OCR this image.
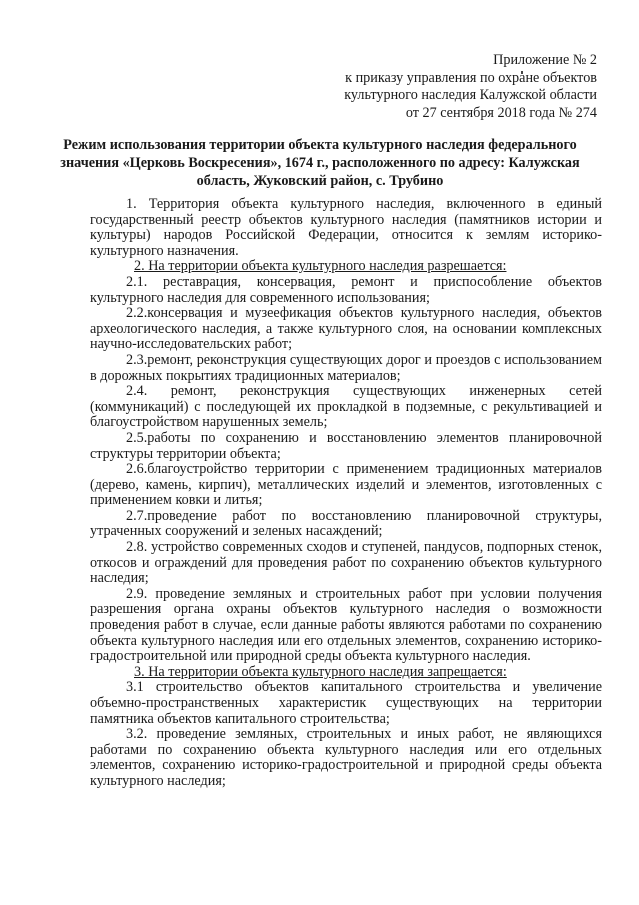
Приложение № 2
к приказу управления по охране объектов
культурного наследия Калужской области
от 27 сентября 2018 года № 274
Режим использования территории объекта культурного наследия федерального значения «Церковь Воскресения», 1674 г., расположенного по адресу: Калужская область, Жуковский район, с. Трубино

1. Территория объекта культурного наследия, включенного в единый государственный реестр объектов культурного наследия (памятников истории и культуры) народов Российской Федерации, относится к землям историко-культурного назначения.

2. На территории объекта культурного наследия разрешается:

2.1. реставрация, консервация, ремонт и приспособление объектов культурного наследия для современного использования;

2.2.консервация и музеефикация объектов культурного наследия, объектов археологического наследия, а также культурного слоя, на основании комплексных научно-исследовательских работ;

2.3.ремонт, реконструкция существующих дорог и проездов с использованием в дорожных покрытиях традиционных материалов;

2.4. ремонт, реконструкция существующих инженерных сетей (коммуникаций) с последующей их прокладкой в подземные, с рекультивацией и благоустройством нарушенных земель;

2.5.работы по сохранению и восстановлению элементов планировочной структуры территории объекта;

2.6.благоустройство территории с применением традиционных материалов (дерево, камень, кирпич), металлических изделий и элементов, изготовленных с применением ковки и литья;

2.7.проведение работ по восстановлению планировочной структуры, утраченных сооружений и зеленых насаждений;

2.8. устройство современных сходов и ступеней, пандусов, подпорных стенок, откосов и ограждений для проведения работ по сохранению объектов культурного наследия;

2.9. проведение земляных и строительных работ при условии получения разрешения органа охраны объектов культурного наследия о возможности проведения работ в случае, если данные работы являются работами по сохранению объекта культурного наследия или его отдельных элементов, сохранению историко-градостроительной или природной среды объекта культурного наследия.

3. На территории объекта культурного наследия запрещается:

3.1 строительство объектов капитального строительства и увеличение объемно-пространственных характеристик существующих на территории памятника объектов капитального строительства;

3.2. проведение земляных, строительных и иных работ, не являющихся работами по сохранению объекта культурного наследия или его отдельных элементов, сохранению историко-градостроительной и природной среды объекта культурного наследия;
